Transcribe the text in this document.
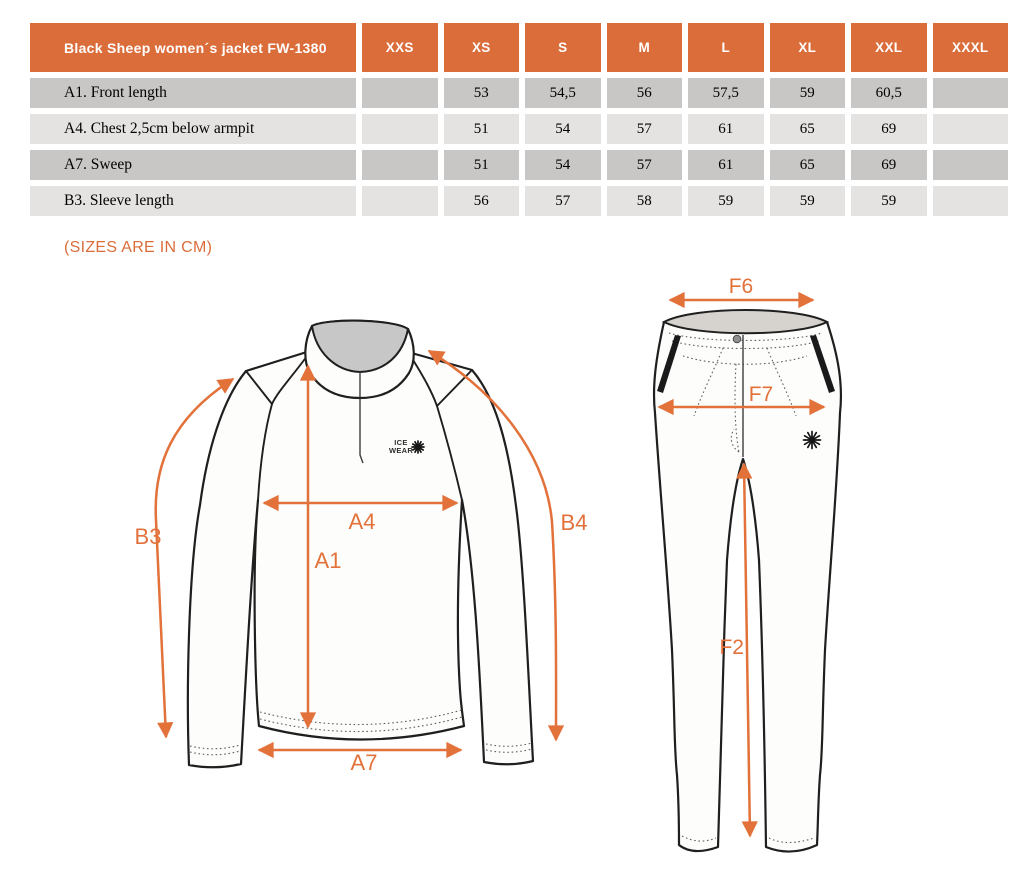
Black Sheep women´s jacket FW-1380	XXS	XS	S	M	L	XL	XXL	XXXL
A1. Front length		53	54,5	56	57,5	59	60,5	
A4. Chest 2,5cm below armpit		51	54	57	61	65	69	
A7. Sweep		51	54	57	61	65	69	
B3. Sleeve length		56	57	58	59	59	59	
(SIZES ARE IN CM)
ICE
WEAR
B3
A4
A1
B4
A7
F6
F7
F2
